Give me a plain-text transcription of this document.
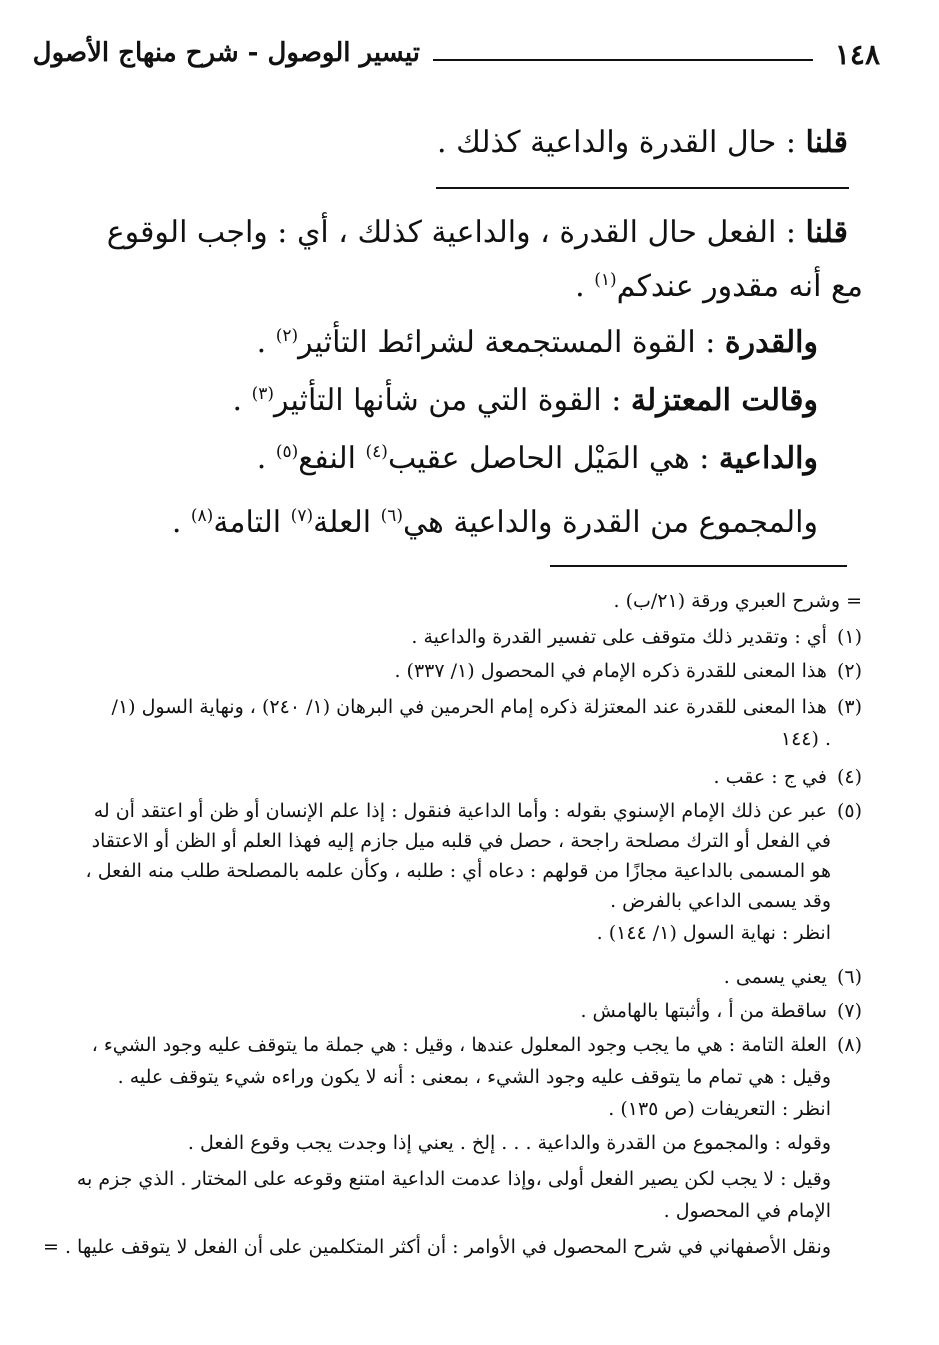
١٤٨
تيسير الوصول - شرح منهاج الأصول
قلنا : حال القدرة والداعية كذلك .
قلنا : الفعل حال القدرة ، والداعية كذلك ، أي : واجب الوقوع
مع أنه مقدور عندكم$^{(١)}$ .
والقدرة : القوة المستجمعة لشرائط التأثير$^{(٢)}$ .
وقالت المعتزلة : القوة التي من شأنها التأثير$^{(٣)}$ .
والداعية : هي المَيْل الحاصل عقيب$^{(٤)}$ النفع$^{(٥)}$ .
والمجموع من القدرة والداعية هي$^{(٦)}$ العلة$^{(٧)}$ التامة$^{(٨)}$ .
= وشرح العبري ورقة (٢١/ب) .
(١)أي : وتقدير ذلك متوقف على تفسير القدرة والداعية .
(٢)هذا المعنى للقدرة ذكره الإمام في المحصول (١/ ٣٣٧) .
(٣)هذا المعنى للقدرة عند المعتزلة ذكره إمام الحرمين في البرهان (١/ ٢٤٠) ، ونهاية السول (١/
١٤٤) .
(٤)في ج : عقب .
(٥)عبر عن ذلك الإمام الإسنوي بقوله : وأما الداعية فنقول : إذا علم الإنسان أو ظن أو اعتقد أن له
في الفعل أو الترك مصلحة راجحة ، حصل في قلبه ميل جازم إليه فهذا العلم أو الظن أو الاعتقاد
هو المسمى بالداعية مجازًا من قولهم : دعاه أي : طلبه ، وكأن علمه بالمصلحة طلب منه الفعل ،
وقد يسمى الداعي بالفرض .
انظر : نهاية السول (١/ ١٤٤) .
(٦)يعني يسمى .
(٧)ساقطة من أ ، وأثبتها بالهامش .
(٨)العلة التامة : هي ما يجب وجود المعلول عندها ، وقيل : هي جملة ما يتوقف عليه وجود الشيء ،
وقيل : هي تمام ما يتوقف عليه وجود الشيء ، بمعنى : أنه لا يكون وراءه شيء يتوقف عليه .
انظر : التعريفات (ص ١٣٥) .
وقوله : والمجموع من القدرة والداعية . . . إلخ . يعني إذا وجدت يجب وقوع الفعل .
وقيل : لا يجب لكن يصير الفعل أولى ،وإذا عدمت الداعية امتنع وقوعه على المختار . الذي جزم به
الإمام في المحصول .
ونقل الأصفهاني في شرح المحصول في الأوامر : أن أكثر المتكلمين على أن الفعل لا يتوقف عليها . =
